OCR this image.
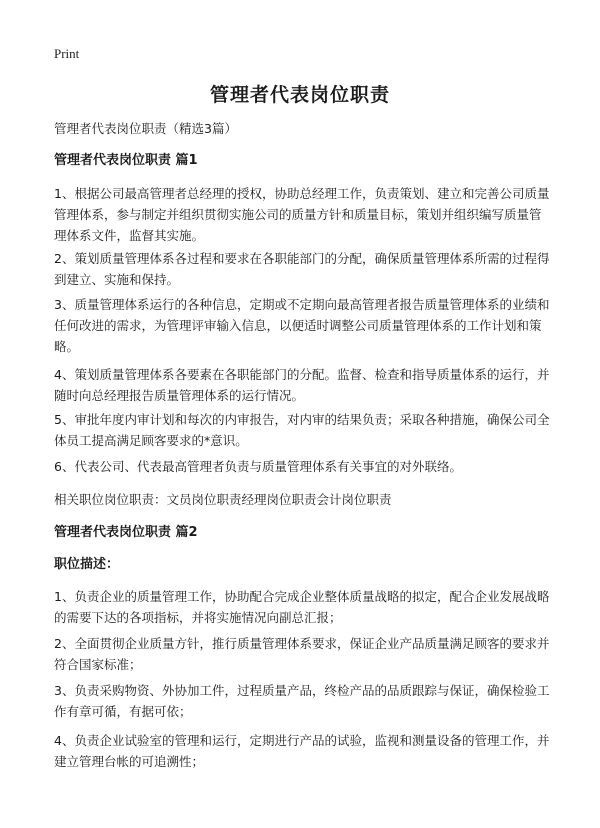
Print
管理者代表岗位职责
管理者代表岗位职责（精选3篇）
管理者代表岗位职责 篇1
1、根据公司最高管理者总经理的授权，协助总经理工作，负责策划、建立和完善公司质量管理体系，参与制定并组织贯彻实施公司的质量方针和质量目标，策划并组织编写质量管理体系文件，监督其实施。
2、策划质量管理体系各过程和要求在各职能部门的分配，确保质量管理体系所需的过程得到建立、实施和保持。
3、质量管理体系运行的各种信息，定期或不定期向最高管理者报告质量管理体系的业绩和任何改进的需求，为管理评审输入信息，以便适时调整公司质量管理体系的工作计划和策略。
4、策划质量管理体系各要素在各职能部门的分配。监督、检查和指导质量体系的运行，并随时向总经理报告质量管理体系的运行情况。
5、审批年度内审计划和每次的内审报告，对内审的结果负责；采取各种措施，确保公司全体员工提高满足顾客要求的*意识。
6、代表公司、代表最高管理者负责与质量管理体系有关事宜的对外联络。
相关职位岗位职责：文员岗位职责经理岗位职责会计岗位职责
管理者代表岗位职责 篇2
职位描述：
1、负责企业的质量管理工作，协助配合完成企业整体质量战略的拟定，配合企业发展战略的需要下达的各项指标，并将实施情况向副总汇报；
2、全面贯彻企业质量方针，推行质量管理体系要求，保证企业产品质量满足顾客的要求并符合国家标准；
3、负责采购物资、外协加工件，过程质量产品，终检产品的品质跟踪与保证，确保检验工作有章可循，有据可依；
4、负责企业试验室的管理和运行，定期进行产品的试验，监视和测量设备的管理工作，并建立管理台帐的可追溯性；
